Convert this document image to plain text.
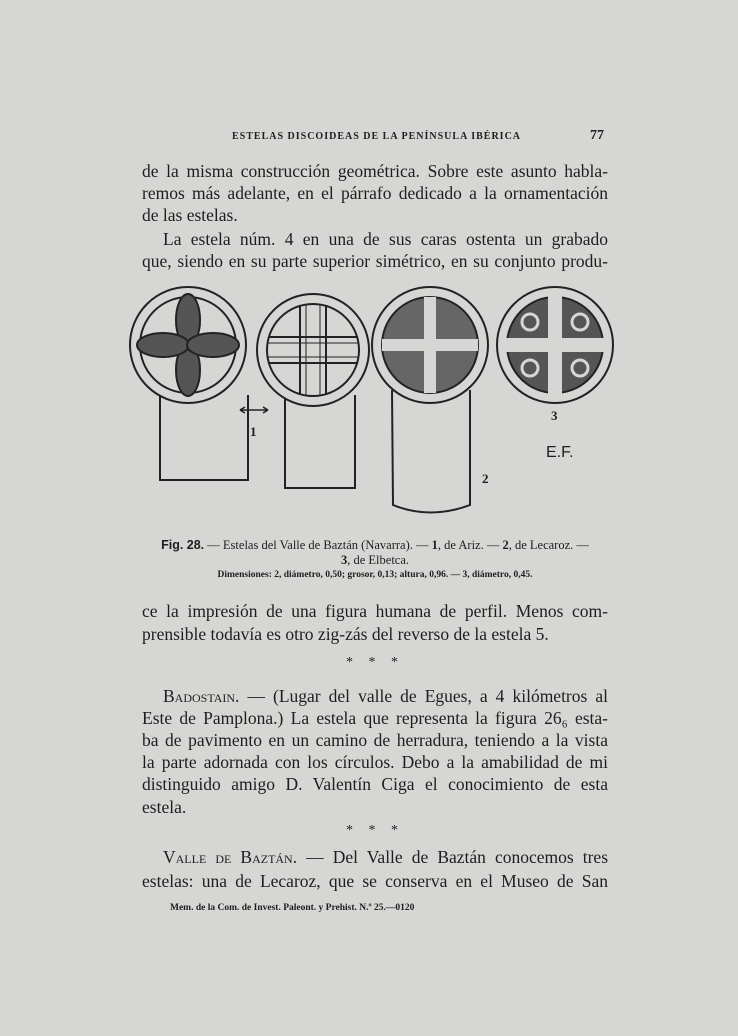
ESTELAS DISCOIDEAS DE LA PENÍNSULA IBÉRICA	77
de la misma construcción geométrica. Sobre este asunto habla-
remos más adelante, en el párrafo dedicado a la ornamentación
de las estelas.
La estela núm. 4 en una de sus caras ostenta un grabado
que, siendo en su parte superior simétrico, en su conjunto produ-
1
2
3
E.F.
Fig. 28. — Estelas del Valle de Baztán (Navarra). — 1, de Ariz. — 2, de Lecaroz. —
3, de Elbetca.
Dimensiones: 2, diámetro, 0,50; grosor, 0,13; altura, 0,96. — 3, diámetro, 0,45.
ce la impresión de una figura humana de perfil. Menos com-
prensible todavía es otro zig-zás del reverso de la estela 5.
* * *
Badostain. — (Lugar del valle de Egues, a 4 kilómetros al
Este de Pamplona.) La estela que representa la figura 26₆ esta-
ba de pavimento en un camino de herradura, teniendo a la vista
la parte adornada con los círculos. Debo a la amabilidad de mi
distinguido amigo D. Valentín Ciga el conocimiento de esta
estela.
* * *
Valle de Baztán. — Del Valle de Baztán conocemos tres
estelas: una de Lecaroz, que se conserva en el Museo de San
Mem. de la Com. de Invest. Paleont. y Prehist. N.º 25.—0120
